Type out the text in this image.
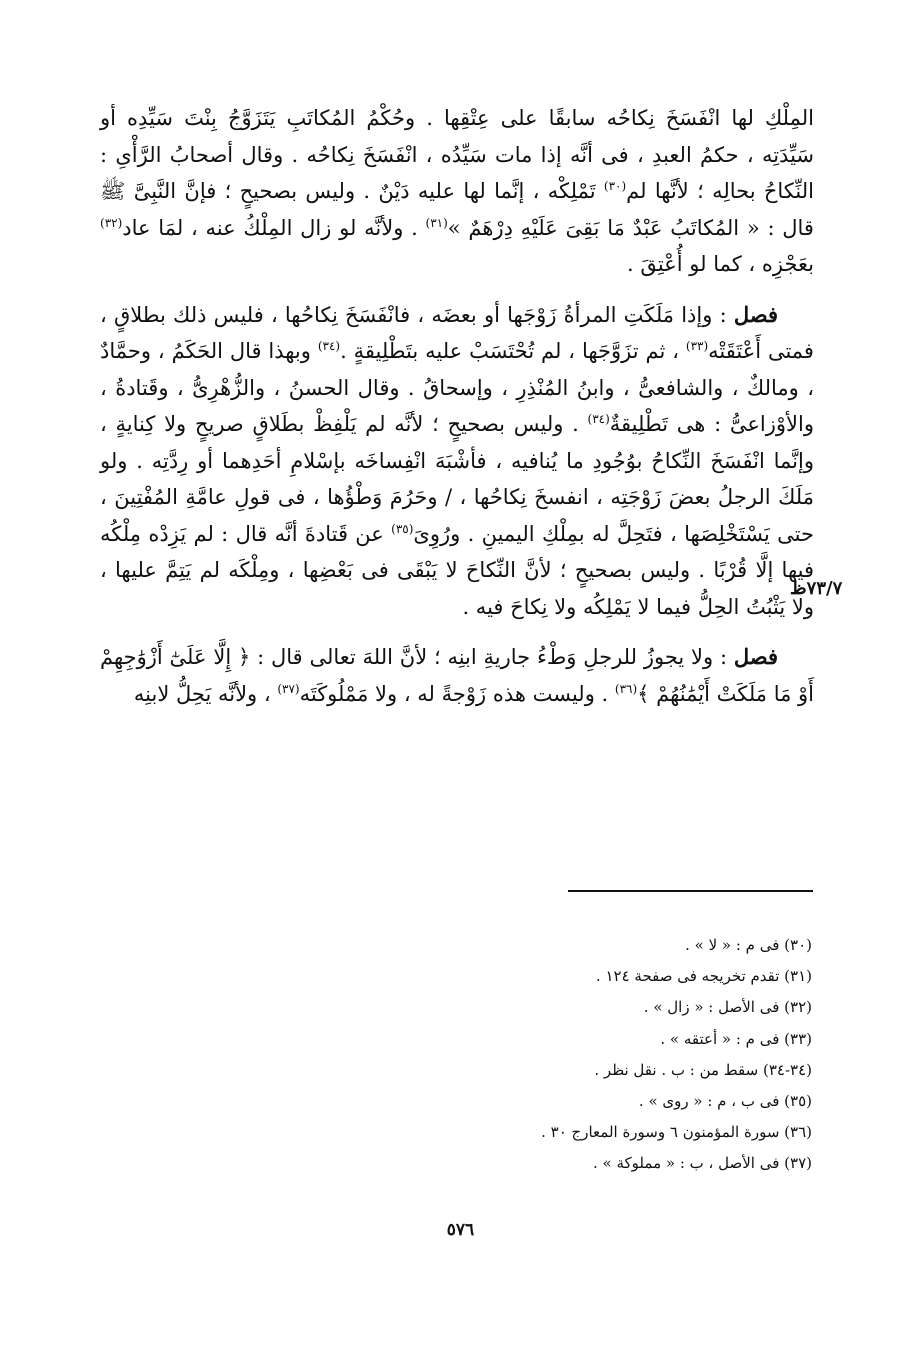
المِلْكِ لها انْفَسَخَ نِكاحُه سابقًا على عِتْقِها . وحُكْمُ المُكاتَبِ يَتَزَوَّجُ بِنْتَ سَيِّدِه أو سَيِّدَتِه ، حكمُ العبدِ ، فى أنَّه إذا مات سَيِّدُه ، انْفَسَخَ نِكاحُه . وقال أصحابُ الرَّأْىِ : النِّكاحُ بحالِه ؛ لأنَّها لم$^{(٣٠)}$ تَمْلِكْه ، إنَّما لها عليه دَيْنٌ . وليس بصحيحٍ ؛ فإنَّ النَّبِىَّ ﷺ قال : « المُكاتَبُ عَبْدٌ مَا بَقِىَ عَلَيْهِ دِرْهَمٌ »$^{(٣١)}$ . ولأنَّه لو زال المِلْكُ عنه ، لمَا عاد$^{(٣٢)}$ بعَجْزِه ، كما لو أُعْتِقَ .

فصل : وإذا مَلَكَتِ المرأةُ زَوْجَها أو بعضَه ، فانْفَسَخَ نِكاحُها ، فليس ذلك بطلاقٍ ، فمتى أَعْتَقَتْه$^{(٣٣)}$ ، ثم تزَوَّجَها ، لم تُحْتَسَبْ عليه بتَطْلِيقةٍ .$^{(٣٤)}$ وبهذا قال الحَكَمُ ، وحمَّادٌ ، ومالكٌ ، والشافعىُّ ، وابنُ المُنْذِرِ ، وإسحاقُ . وقال الحسنُ ، والزُّهْرِىُّ ، وقَتادةُ ، والأوْزاعىُّ : هى تَطْلِيقةٌ$^{(٣٤)}$ . وليس بصحيحٍ ؛ لأنَّه لم يَلْفِظْ بطَلاقٍ صريحٍ ولا كِنايةٍ ، وإنَّما انْفَسَخَ النِّكاحُ بوُجُودِ ما يُنافيه ، فأشْبَهَ انْفِساخَه بإسْلامِ أحَدِهما أو رِدَّتِه . ولو مَلَكَ الرجلُ بعضَ زَوْجَتِه ، انفسخَ نِكاحُها ، / وحَرُمَ وَطْؤُها ، فى قولِ عامَّةِ المُفْتِينَ ، حتى يَسْتَخْلِصَها ، فتَحِلَّ له بمِلْكِ اليمينِ . ورُوِىَ$^{(٣٥)}$ عن قَتادةَ أنَّه قال : لم يَزِدْه مِلْكُه فيها إلَّا قُرْبًا . وليس بصحيحٍ ؛ لأنَّ النِّكاحَ لا يَبْقَى فى بَعْضِها ، ومِلْكَه لم يَتِمَّ عليها ، ولا يَثْبُتُ الحِلُّ فيما لا يَمْلِكُه ولا نِكاحَ فيه .

فصل : ولا يجوزُ للرجلِ وَطْءُ جاريةِ ابنِه ؛ لأنَّ اللهَ تعالى قال : ﴿ إِلَّا عَلَىٰٓ أَزْوَٰجِهِمْ أَوْ مَا مَلَكَتْ أَيْمَٰنُهُمْ ﴾$^{(٣٦)}$ . وليست هذه زَوْجةً له ، ولا مَمْلُوكَتَه$^{(٣٧)}$ ، ولأنَّه يَحِلُّ لابنِه

٧٣/٧ظ

(٣٠) فى م : « لا » .

(٣١) تقدم تخريجه فى صفحة ١٢٤ .

(٣٢) فى الأصل : « زال » .

(٣٣) فى م : « أعتقه » .

(٣٤-٣٤) سقط من : ب . نقل نظر .

(٣٥) فى ب ، م : « روى » .

(٣٦) سورة المؤمنون ٦ وسورة المعارج ٣٠ .

(٣٧) فى الأصل ، ب : « مملوكة » .

٥٧٦
